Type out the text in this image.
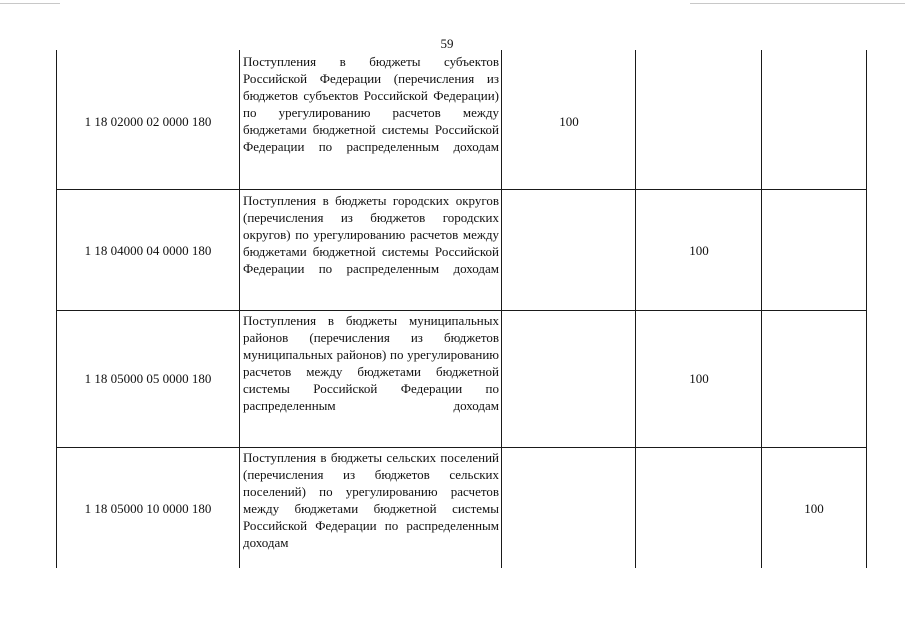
59
1 18 02000 02 0000 180
Поступления в бюджеты субъектов Российской Федерации (перечисления из бюджетов субъектов Российской Федерации) по урегулированию расчетов между бюджетами бюджетной системы Российской Федерации по распределенным доходам
100
1 18 04000 04 0000 180
Поступления в бюджеты городских округов (перечисления из бюджетов городских округов) по урегулированию расчетов между бюджетами бюджетной системы Российской Федерации по распределенным доходам
100
1 18 05000 05 0000 180
Поступления в бюджеты муниципальных районов (перечисления из бюджетов муниципальных районов) по урегулированию расчетов между бюджетами бюджетной системы Российской Федерации по распределенным доходам
100
1 18 05000 10 0000 180
Поступления в бюджеты сельских поселений (перечисления из бюджетов сельских поселений) по урегулированию расчетов между бюджетами бюджетной системы Российской Федерации по распределенным доходам
100
